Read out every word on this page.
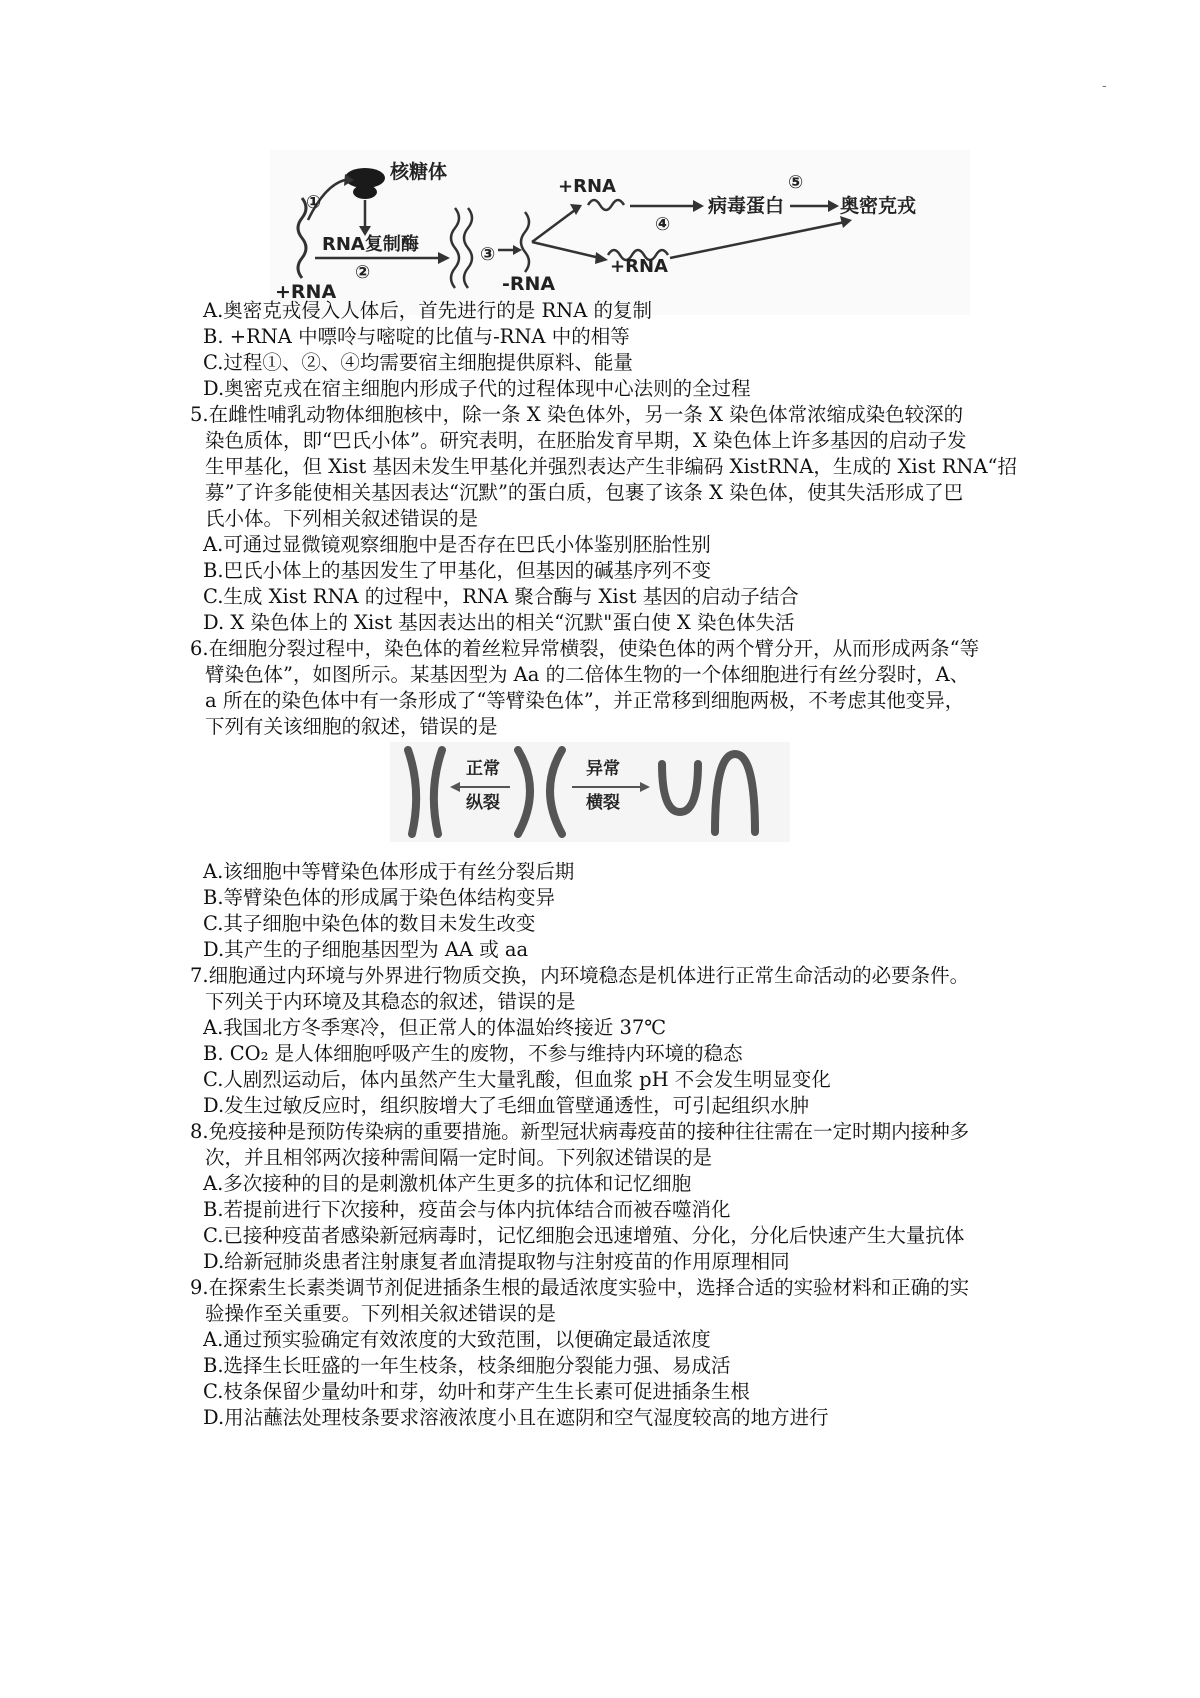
-
核糖体
+RNA
①
RNA复制酶
②
③
-RNA
+RNA
④
病毒蛋白
⑤
奥密克戎
+RNA
A.奥密克戎侵入人体后，首先进行的是 RNA 的复制
B. +RNA 中嘌呤与嘧啶的比值与-RNA 中的相等
C.过程①、②、④均需要宿主细胞提供原料、能量
D.奥密克戎在宿主细胞内形成子代的过程体现中心法则的全过程
5.在雌性哺乳动物体细胞核中，除一条 X 染色体外，另一条 X 染色体常浓缩成染色较深的
染色质体，即“巴氏小体”。研究表明，在胚胎发育早期，X 染色体上许多基因的启动子发
生甲基化，但 Xist 基因未发生甲基化并强烈表达产生非编码 XistRNA，生成的 Xist RNA“招
募”了许多能使相关基因表达“沉默”的蛋白质，包裹了该条 X 染色体，使其失活形成了巴
氏小体。下列相关叙述错误的是
A.可通过显微镜观察细胞中是否存在巴氏小体鉴别胚胎性别
B.巴氏小体上的基因发生了甲基化，但基因的碱基序列不变
C.生成 Xist RNA 的过程中，RNA 聚合酶与 Xist 基因的启动子结合
D. X 染色体上的 Xist 基因表达出的相关“沉默"蛋白使 X 染色体失活
6.在细胞分裂过程中，染色体的着丝粒异常横裂，使染色体的两个臂分开，从而形成两条“等
臂染色体”，如图所示。某基因型为 Aa 的二倍体生物的一个体细胞进行有丝分裂时，A、
a 所在的染色体中有一条形成了“等臂染色体”，并正常移到细胞两极，不考虑其他变异，
下列有关该细胞的叙述，错误的是
正常
纵裂
异常
横裂
A.该细胞中等臂染色体形成于有丝分裂后期
B.等臂染色体的形成属于染色体结构变异
C.其子细胞中染色体的数目未发生改变
D.其产生的子细胞基因型为 AA 或 aa
7.细胞通过内环境与外界进行物质交换，内环境稳态是机体进行正常生命活动的必要条件。
下列关于内环境及其稳态的叙述，错误的是
A.我国北方冬季寒冷，但正常人的体温始终接近 37℃
B. CO₂ 是人体细胞呼吸产生的废物，不参与维持内环境的稳态
C.人剧烈运动后，体内虽然产生大量乳酸，但血浆 pH 不会发生明显变化
D.发生过敏反应时，组织胺增大了毛细血管壁通透性，可引起组织水肿
8.免疫接种是预防传染病的重要措施。新型冠状病毒疫苗的接种往往需在一定时期内接种多
次，并且相邻两次接种需间隔一定时间。下列叙述错误的是
A.多次接种的目的是刺激机体产生更多的抗体和记忆细胞
B.若提前进行下次接种，疫苗会与体内抗体结合而被吞噬消化
C.已接种疫苗者感染新冠病毒时，记忆细胞会迅速增殖、分化，分化后快速产生大量抗体
D.给新冠肺炎患者注射康复者血清提取物与注射疫苗的作用原理相同
9.在探索生长素类调节剂促进插条生根的最适浓度实验中，选择合适的实验材料和正确的实
验操作至关重要。下列相关叙述错误的是
A.通过预实验确定有效浓度的大致范围，以便确定最适浓度
B.选择生长旺盛的一年生枝条，枝条细胞分裂能力强、易成活
C.枝条保留少量幼叶和芽，幼叶和芽产生生长素可促进插条生根
D.用沾蘸法处理枝条要求溶液浓度小且在遮阴和空气湿度较高的地方进行
